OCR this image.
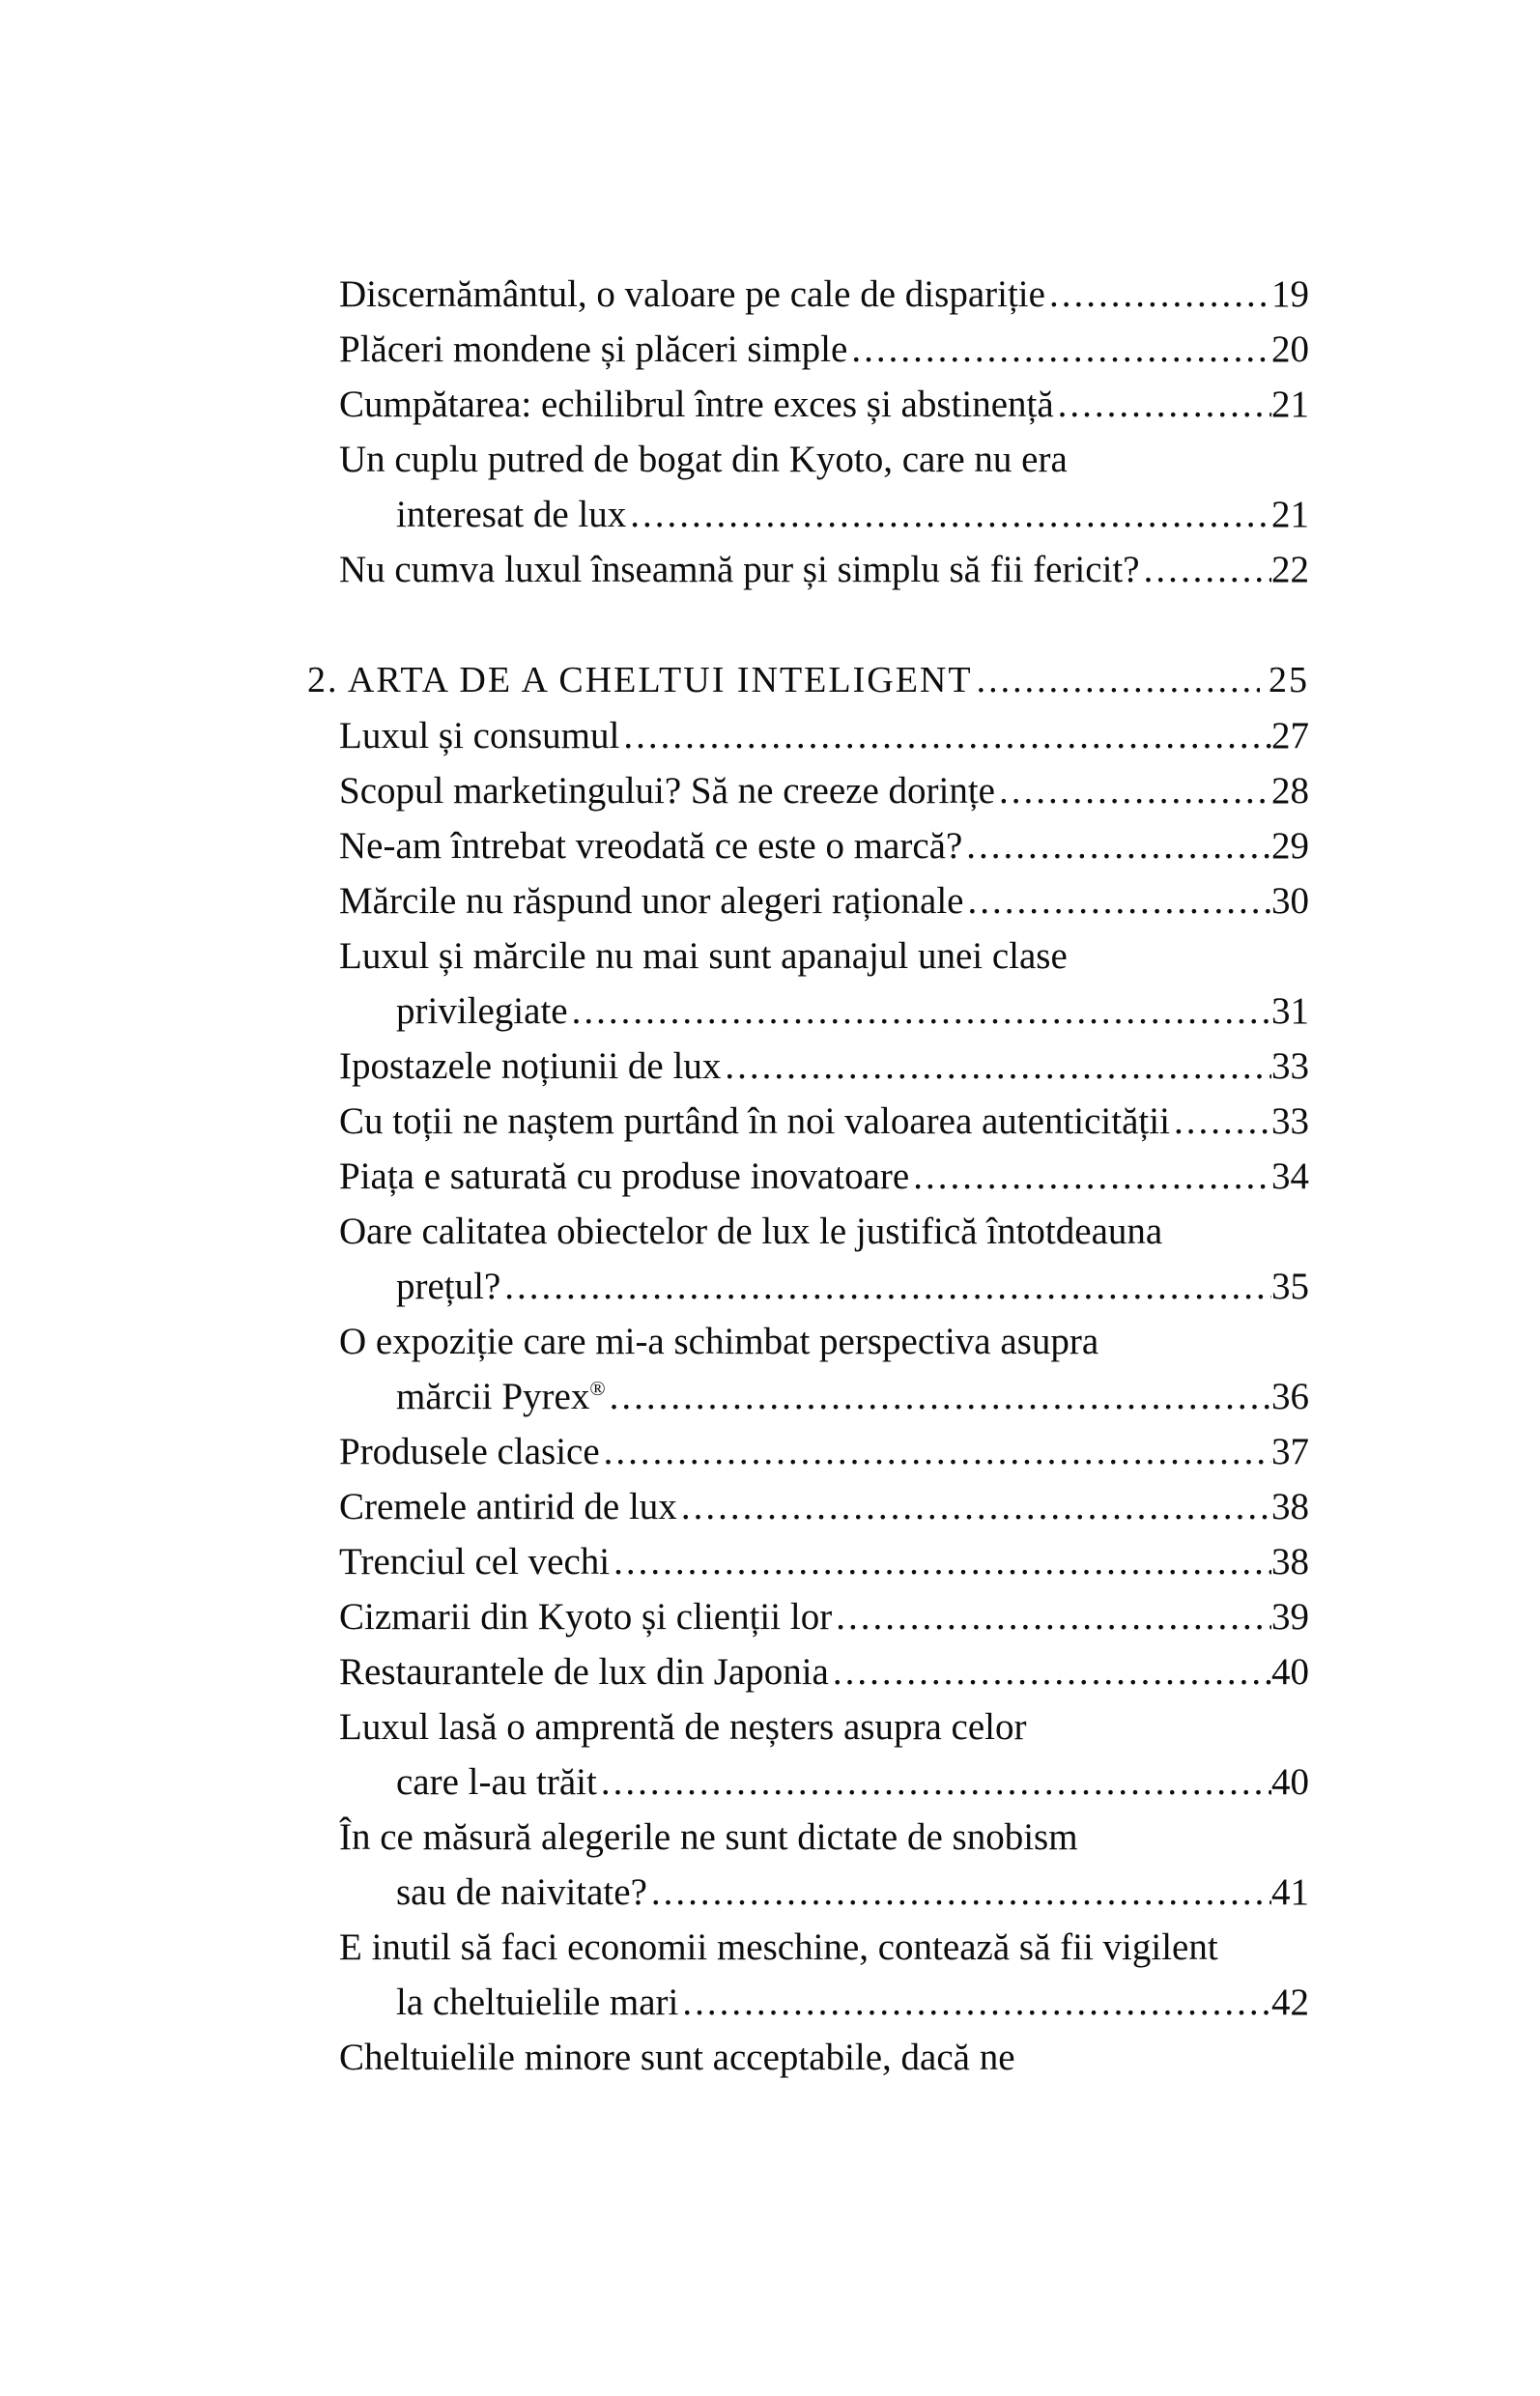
Discernământul, o valoare pe cale de dispariție .....	19
Plăceri mondene și plăceri simple .....	20
Cumpătarea: echilibrul între exces și abstinență .....	21
Un cuplu putred de bogat din Kyoto, care nu era
interesat de lux .....	21
Nu cumva luxul înseamnă pur și simplu să fii fericit? .....	22
2. ARTA DE A CHELTUI INTELIGENT .....	25
Luxul și consumul .....	27
Scopul marketingului? Să ne creeze dorințe .....	28
Ne-am întrebat vreodată ce este o marcă? .....	29
Mărcile nu răspund unor alegeri raționale .....	30
Luxul și mărcile nu mai sunt apanajul unei clase
privilegiate .....	31
Ipostazele noțiunii de lux .....	33
Cu toții ne naștem purtând în noi valoarea autenticității .....	33
Piața e saturată cu produse inovatoare .....	34
Oare calitatea obiectelor de lux le justifică întotdeauna
prețul? .....	35
O expoziție care mi-a schimbat perspectiva asupra
mărcii Pyrex® .....	36
Produsele clasice .....	37
Cremele antirid de lux .....	38
Trenciul cel vechi .....	38
Cizmarii din Kyoto și clienții lor .....	39
Restaurantele de lux din Japonia .....	40
Luxul lasă o amprentă de neșters asupra celor
care l-au trăit .....	40
În ce măsură alegerile ne sunt dictate de snobism
sau de naivitate? .....	41
E inutil să faci economii meschine, contează să fii vigilent
la cheltuielile mari .....	42
Cheltuielile minore sunt acceptabile, dacă ne
